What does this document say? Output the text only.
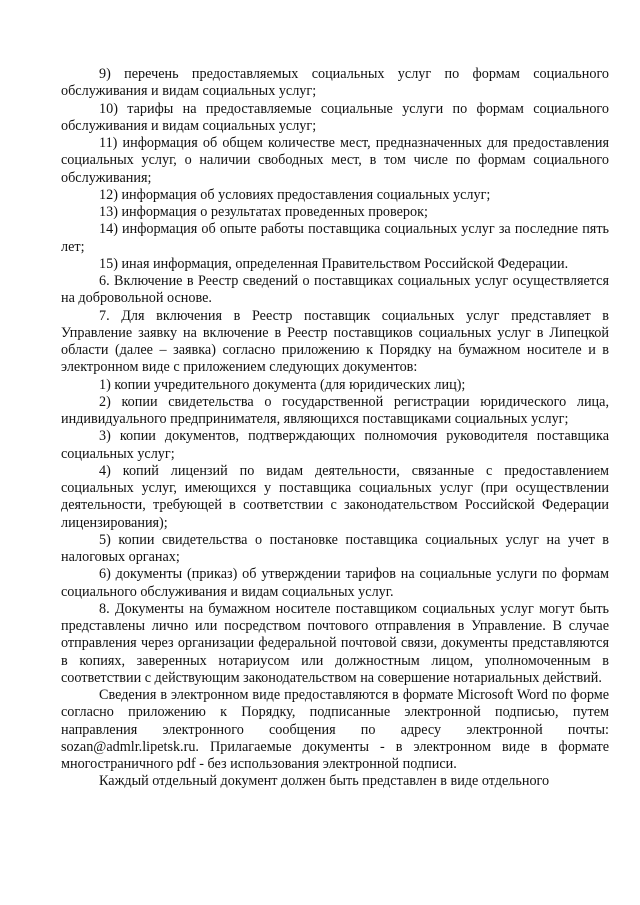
9) перечень предоставляемых социальных услуг по формам социального обслуживания и видам социальных услуг;

10) тарифы на предоставляемые социальные услуги по формам социального обслуживания и видам социальных услуг;

11) информация об общем количестве мест, предназначенных для предоставления социальных услуг, о наличии свободных мест, в том числе по формам социального обслуживания;

12) информация об условиях предоставления социальных услуг;

13) информация о результатах проведенных проверок;

14) информация об опыте работы поставщика социальных услуг за последние пять лет;

15) иная информация, определенная Правительством Российской Федерации.

6. Включение в Реестр сведений о поставщиках социальных услуг осуществляется на добровольной основе.

7. Для включения в Реестр поставщик социальных услуг представляет в Управление заявку на включение в Реестр поставщиков социальных услуг в Липецкой области (далее – заявка) согласно приложению к Порядку на бумажном носителе и в электронном виде с приложением следующих документов:

1) копии учредительного документа (для юридических лиц);

2) копии свидетельства о государственной регистрации юридического лица, индивидуального предпринимателя, являющихся поставщиками социальных услуг;

3) копии документов, подтверждающих полномочия руководителя поставщика социальных услуг;

4) копий лицензий по видам деятельности, связанные с предоставлением социальных услуг, имеющихся у поставщика социальных услуг (при осуществлении деятельности, требующей в соответствии с законодательством Российской Федерации лицензирования);

5) копии свидетельства о постановке поставщика социальных услуг на учет в налоговых органах;

6) документы (приказ) об утверждении тарифов на социальные услуги по формам социального обслуживания и видам социальных услуг.

8. Документы на бумажном носителе поставщиком социальных услуг могут быть представлены лично или посредством почтового отправления в Управление. В случае отправления через организации федеральной почтовой связи, документы представляются в копиях, заверенных нотариусом или должностным лицом, уполномоченным в соответствии с действующим законодательством на совершение нотариальных действий.

Сведения в электронном виде предоставляются в формате Microsoft Word по форме согласно приложению к Порядку, подписанные электронной подписью, путем направления электронного сообщения по адресу электронной почты: sozan@admlr.lipetsk.ru. Прилагаемые документы - в электронном виде в формате многостраничного pdf - без использования электронной подписи.

Каждый отдельный документ должен быть представлен в виде отдельного
